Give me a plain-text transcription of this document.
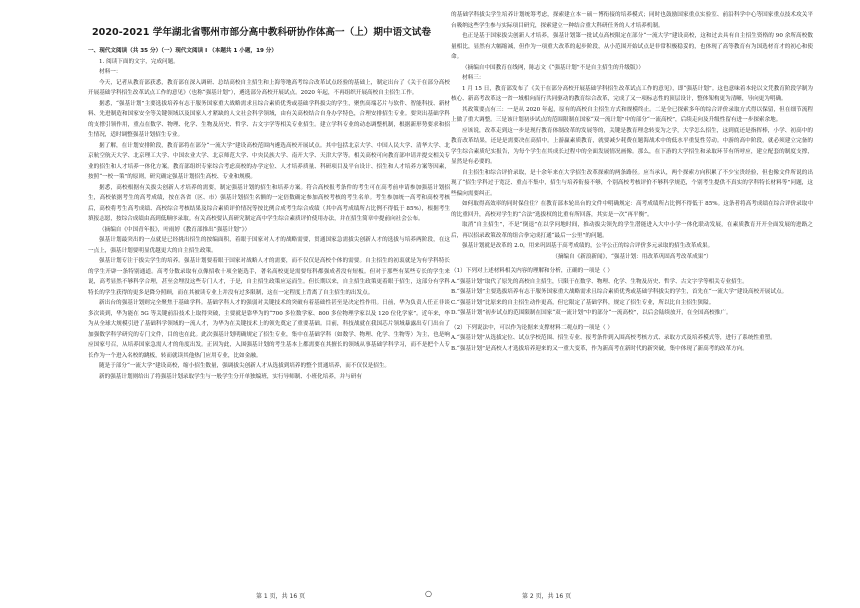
2020-2021 学年湖北省鄂州市部分高中教科研协作体高一（上）期中语文试卷

一、现代文阅读（共 35 分）（一）现代文阅读 I （本题共 1 小题，19 分）

1. 阅读下面的文字，完成问题。

材料一：

今天，记者从教育部获悉，教育部在深入调研、总结高校自主招生和上海等地高考综合改革试点经验的基础上，制定出台了《关于在部分高校开展基础学科招生改革试点工作的意见》（也称“强基计划”），遴选部分高校开展试点。2020 年起，不再组织开展高校自主招生工作。

据悉，“强基计划”主要选拔培养有志于服务国家重大战略需求且综合素质优秀或基础学科拔尖的学生，聚焦高端芯片与软件、智能科技、新材料、先进制造和国家安全等关键领域以及国家人才紧缺的人文社会科学领域，由有关高校结合自身办学特色，合理安排招生专业。要突出基础学科的支撑引领作用，重点在数学、物理、化学、生物及历史、哲学、古文字学等相关专业招生。建立学科专业的动态调整机制，根据新形势要求和招生情况，适时调整强基计划招生专业。

据了解，在计划安排阶段，教育部将在部分“一流大学”建设高校范围内遴选高校开展试点。其中包括北京大学、中国人民大学、清华大学、北京航空航天大学、北京理工大学、中国农业大学、北京师范大学、中央民族大学、南开大学、天津大学等。相关高校可向教育部申请并提交相关专业的招生和人才培养一体化方案。教育部组织专家综合考虑高校的办学定位、人才培养质量、科研项目及平台设计、招生和人才培养方案等因素，按照“一校一策”的原则，研究确定强基计划招生高校、专业和规模。

据悉，高校根据有关拔尖创新人才培养的需要，制定强基计划的招生和培养方案。符合高校报考条件的考生可在高考前申请参加强基计划招生，高校依据考生的高考成绩，按在各省（区、市）强基计划招生名额的一定倍数确定参加高校考核的考生名单。考生参加统一高考和高校考核后，高校将考生高考成绩、高校综合考核结果及综合素质评价情况等按比例合成考生综合成绩（其中高考成绩所占比例不得低于 85%），根据考生填报志愿，按综合成绩由高到低顺序录取。有关高校要认真研究制定高中学生综合素质评价使用办法，并在招生简章中提前向社会公布。

（摘编自《中国青年报》，叶雨婷《教育部推出“强基计划”》）

强基计划最突出的一点就是已经挑出招生的按编面积，着眼于国家对人才的战略需要，贯通国家急需拔尖创新人才的选拔与培养两阶段，在这一点上，强基计划要明显优越更大的自主招生政策。

强基计划专注于拔尖学生的培养。强基计划要着眼于国家对战略人才的需要，而不仅仅是高校个体的需要。自主招生的初衷就是为有学科特长的学生开辟一条特别通道。高考分数录取有点像招收十项全能选手，著名高校更是需要每科都强成者没有短板。但对于那些有某些专长的学生来说，高考显然不够科学合理，甚至会埋没这些专门人才，于是，自主招生政策应运而生。但长期以来，自主招生政策更着眼于招生，这部分有学科特长的学生获得的更多是降分照顾，而在其被读专业上并没有过多限制，这在一定程度上背离了自主招生的出发点。

新出台的强基计划则完全聚焦于基础学科。基础学科人才的强弱对关键技术的突破有着基础性甚至是决定性作用。日前，华为负责人任正非谈多次谈到，华为能在 5G 等关键前沿技术上取得突破，主要就是靠华为的“700 多位数学家、800 多位物理学家以及 120 位化学家”。近年来，华为从全球大规模引进了基础科学领域的一流人才，为华为在关键技术上的领先奠定了重要基础。目前，科技战就在我国芯片领域暴露出专门出台了加强数学科学研究的专门文件，目的也在此。此次强基计划明确规定了招生专业，集中在基础学科（如数学、物理、化学、生物等）为主，也是响应国家号召，从培养国家急需人才的角度出发。正因为此，入围强基计划的考生基本上都需要在其擅长的领域从事基础学科学习，而不是把个人专长作为一个进入名校的跳板，转而就读其他热门应用专业，比如金融。

随是于部分“一流大学”建设高校，缩小招生数量，强调拔尖创新人才从选拔到培养的整个贯通培养，而不仅仅是招生。

新的强基计划则给出了将强基计划录取学生与一般学生分开单独编班，实行导师制、小班化培养，并与研有

的基础学科拔尖学生培养计划统筹考虑，探索建立本－硕－博衔接的培养模式；同时也鼓励国家重点实验室、前沿科学中心等国家重点技术攻关平台吸纳这些学生参与实际项目研究，探索建立一种结合重大科研任务的人才培养机制。

也正是基于国家拔尖创新人才培养，强基计划第一批试点高校限定在部分“一流大学”建设高校，这和过去具有自主招生资格的 90 余所高校数量相比，显然有大幅缩减，但作为一项重大改革的起步阶段，从小范围开始试点是非常积极稳妥的，也体现了高等教育有为国选材育才的初心和使命。

（摘编自中国教育在线网，陈志文《“强基计划”不是自主招生的升级版》）

材料三：

1 月 15 日，教育部发布了《关于在部分高校开展基础学科招生改革试点工作的意见》，即“强基计划”。这也意味着本轮以文凭教育阶段学制为核心、新高考改革这一省一域相向而行共同驱动的教育综合改革，完成了又一项标志性的顶层设计，整体架构更为清晰，导向更为明确。

其政策要点有三：一是从 2020 年起，原有的高校自主招生方式和规模终止。二是全已探索多年的综合评价录取方式得以保留，但在细节流程上做了重大调整。三是该计划初步试点的范围限制在国家“双一流计划”中的部分“一流高校”，后续走向及升级性留有进一步探索余地。

应该说，改革走到这一步是现行教育体制改革的发展等的，关键是教育理念转变为之学，大学怎么招生，这到底还是指挥棒，小学、初高中的教育改革结果，还是是需要决在高招中。上游赢素质教育，就要减少耗费在题海战术中的低水平重复性劳动。中游的高中阶段，就必须建立完备的学生综合素质纪实报告，为每个学生在其成长过程中的全面发展情况画像。那么，在下游的大学招生和录取环节有所呼应，建立配套的制度支撑，显然是有必要的。

自主招生和综合评价录取，是十余年来在大学招生改革探索的两条路径。应当承认，两个探索方向积累了不少宝贵经验，但也像文件所说的出现了“招生学科过于宽泛、重点不集中，招生与培养衔接不够，个别高校考核评价不够科学规范，个别考生提供不真实的学科特长材料等”问题，这些偏向需要纠正。

如何取得高效率的同时保住住？在教育部本轮出台的文件中明确规定：高考成绩所占比例不得低于 85%。这条者将高考成绩在综合评价录取中的比重回升，高校对学生的“合法”选拔权的比重有所回落，其实是一次“再平衡”。

取消“自主招生”，不是“倒退”在以学问地时间，推动拔尖领先的学生潜能进入大中小学一体化联动发展，在素质教育开开全面发展的进路之后，再以招录政策改革的组合拳完成打通“最后一公里”的问题。

强基计划就是改革的 2.0，用来巩固基于高考成绩的，公平公正的综合评价多元录取的招生改革成果。

（摘编自《新浪新闻》，“强基计划：用改革巩固高考改革成果”）

（1）下列对上述材料相关内容的理解和分析，正确的一项是（ ）

A.“强基计划”取代了原先的高校自主招生，只限于在数学、物理、化学、生物及历史、哲学、古文字学等相关专业招生。

B.“强基计划”主要选拔培养有志于服务国家重大战略需求且综合素质优秀或基础学科拔尖的学生，首先在“一流大学”建设高校开展试点。

C.“强基计划”比原来的自主招生动作更高，但它限定了基础学科，规定了招生专业，所以比自主招生狭隘。

D.“强基计划”初步试点的范围限制在国家“双一流计划”中的部分“一流高校”，以后会陆续放开，在全国高校推广。

（2）下列说法中，可以作为论据来支撑材料二观点的一项是（ ）

A.“强基计划”从选拔定位、试点学校范围、招生专业、报考条件到入围高校考核方式、录取方式及培养模式等，进行了系统性重塑。

B.“强基计划”是高校人才选拔培养迎来的又一重大变革，作为新高考在新时代的新突破，集中体现了新高考的改革方向。

第 1 页，共 16 页	○	第 2 页，共 16 页
